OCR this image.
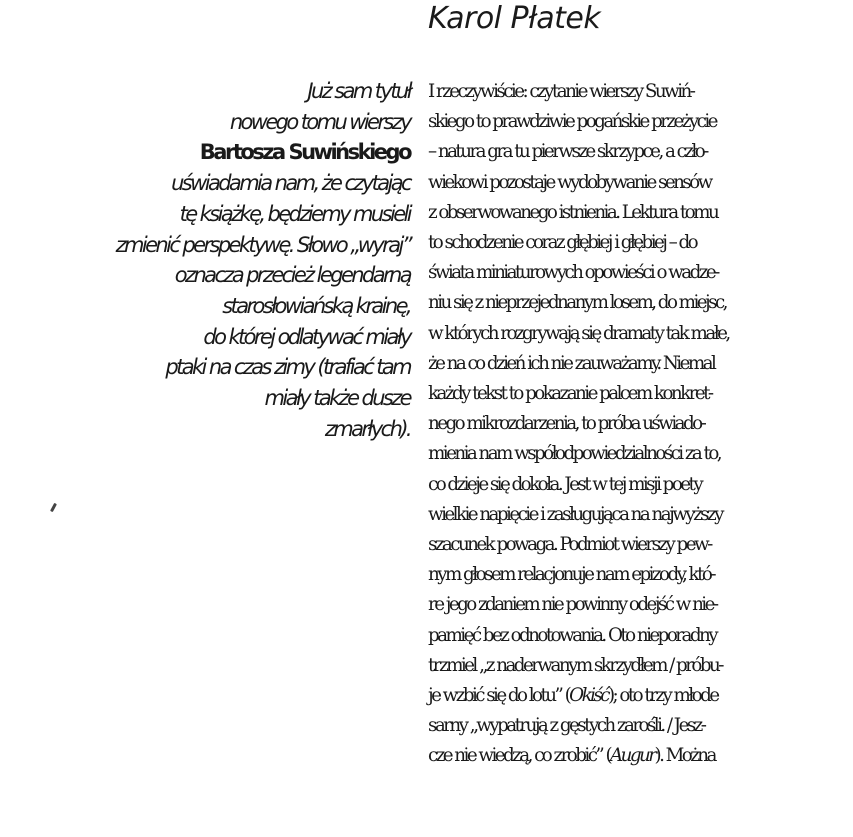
Karol Płatek
Już sam tytuł
nowego tomu wierszy
Bartosza Suwińskiego
uświadamia nam, że czytając
tę książkę, będziemy musieli
zmienić perspektywę. Słowo „wyraj”
oznacza przecież legendarną
starosłowiańską krainę,
do której odlatywać miały
ptaki na czas zimy (trafiać tam
miały także dusze
zmarłych).
I rzeczywiście: czytanie wierszy Suwiń-
skiego to prawdziwie pogańskie przeżycie
– natura gra tu pierwsze skrzypce, a czło-
wiekowi pozostaje wydobywanie sensów
z obserwowanego istnienia. Lektura tomu
to schodzenie coraz głębiej i głębiej – do
świata miniaturowych opowieści o wadze-
niu się z nieprzejednanym losem, do miejsc,
w których rozgrywają się dramaty tak małe,
że na co dzień ich nie zauważamy. Niemal
każdy tekst to pokazanie palcem konkret-
nego mikrozdarzenia, to próba uświado-
mienia nam współodpowiedzialności za to,
co dzieje się dokoła. Jest w tej misji poety
wielkie napięcie i zasługująca na najwyższy
szacunek powaga. Podmiot wierszy pew-
nym głosem relacjonuje nam epizody, któ-
re jego zdaniem nie powinny odejść w nie-
pamięć bez odnotowania. Oto nieporadny
trzmiel „z naderwanym skrzydłem / próbu-
je wzbić się do lotu” (Okiść); oto trzy młode
sarny „wypatrują z gęstych zarośli. / Jesz-
cze nie wiedzą, co zrobić” (Augur). Można
